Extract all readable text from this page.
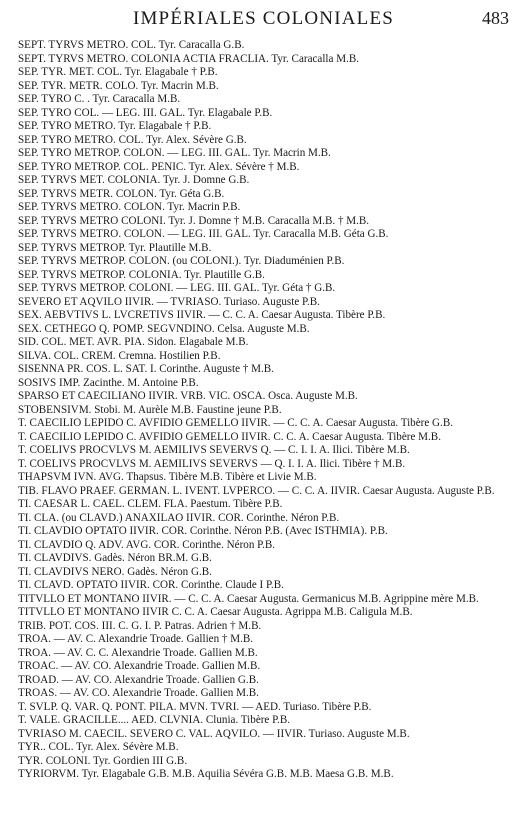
IMPÉRIALES COLONIALES	483
SEPT. TYRVS METRO. COL. Tyr. Caracalla G.B.
SEPT. TYRVS METRO. COLONIA ACTIA FRACLIA. Tyr. Caracalla M.B.
SEP. TYR. MET. COL. Tyr. Elagabale † P.B.
SEP. TYR. METR. COLO. Tyr. Macrin M.B.
SEP. TYRO C. . Tyr. Caracalla M.B.
SEP. TYRO COL. — LEG. III. GAL. Tyr. Elagabale P.B.
SEP. TYRO METRO. Tyr. Elagabale † P.B.
SEP. TYRO METRO. COL. Tyr. Alex. Sévère G.B.
SEP. TYRO METROP. COLON. — LEG. III. GAL. Tyr. Macrin M.B.
SEP. TYRO METROP. COL. PENIC. Tyr. Alex. Sévère † M.B.
SEP. TYRVS MET. COLONIA. Tyr. J. Domne G.B.
SEP. TYRVS METR. COLON. Tyr. Géta G.B.
SEP. TYRVS METRO. COLON. Tyr. Macrin P.B.
SEP. TYRVS METRO COLONI. Tyr. J. Domne † M.B. Caracalla M.B. † M.B.
SEP. TYRVS METRO. COLON. — LEG. III. GAL. Tyr. Caracalla M.B. Géta G.B.
SEP. TYRVS METROP. Tyr. Plautille M.B.
SEP. TYRVS METROP. COLON. (ou COLONI.). Tyr. Diaduménien P.B.
SEP. TYRVS METROP. COLONIA. Tyr. Plautille G.B.
SEP. TYRVS METROP. COLONI. — LEG. III. GAL. Tyr. Géta † G.B.
SEVERO ET AQVILO IIVIR. — TVRIASO. Turiaso. Auguste P.B.
SEX. AEBVTIVS L. LVCRETIVS IIVIR. — C. C. A. Caesar Augusta. Tibère P.B.
SEX. CETHEGO Q. POMP. SEGVNDINO. Celsa. Auguste M.B.
SID. COL. MET. AVR. PIA. Sidon. Elagabale M.B.
SILVA. COL. CREM. Cremna. Hostilien P.B.
SISENNA PR. COS. L. SAT. I. Corinthe. Auguste † M.B.
SOSIVS IMP. Zacinthe. M. Antoine P.B.
SPARSO ET CAECILIANO IIVIR. VRB. VIC. OSCA. Osca. Auguste M.B.
STOBENSIVM. Stobi. M. Aurèle M.B. Faustine jeune P.B.
T. CAECILIO LEPIDO C. AVFIDIO GEMELLO IIVIR. — C. C. A. Caesar Augusta. Tibère G.B.
T. CAECILIO LEPIDO C. AVFIDIO GEMELLO IIVIR. C. C. A. Caesar Augusta. Tibère M.B.
T. COELIVS PROCVLVS M. AEMILIVS SEVERVS Q. — C. I. I. A. Ilici. Tibère M.B.
T. COELIVS PROCVLVS M. AEMILIVS SEVERVS — Q. I. I. A. Ilici. Tibère † M.B.
THAPSVM IVN. AVG. Thapsus. Tibère M.B. Tibère et Livie M.B.
TIB. FLAVO PRAEF. GERMAN. L. IVENT. LVPERCO. — C. C. A. IIVIR. Caesar Augusta. Auguste P.B.
TI. CAESAR L. CAEL. CLEM. FLA. Paestum. Tibère P.B.
TI. CLA. (ou CLAVD.) ANAXILAO IIVIR. COR. Corinthe. Néron P.B.
TI. CLAVDIO OPTATO IIVIR. COR. Corinthe. Néron P.B. (Avec ISTHMIA). P.B.
TI. CLAVDIO Q. ADV. AVG. COR. Corinthe. Néron P.B.
TI. CLAVDIVS. Gadès. Néron BR.M. G.B.
TI. CLAVDIVS NERO. Gadès. Néron G.B.
TI. CLAVD. OPTATO IIVIR. COR. Corinthe. Claude I P.B.
TITVLLO ET MONTANO IIVIR. — C. C. A. Caesar Augusta. Germanicus M.B. Agrippine mère M.B.
TITVLLO ET MONTANO IIVIR C. C. A. Caesar Augusta. Agrippa M.B. Caligula M.B.
TRIB. POT. COS. III. C. G. I. P. Patras. Adrien † M.B.
TROA. — AV. C. Alexandrie Troade. Gallien † M.B.
TROA. — AV. C. C. Alexandrie Troade. Gallien M.B.
TROAC. — AV. CO. Alexandrie Troade. Gallien M.B.
TROAD. — AV. CO. Alexandrie Troade. Gallien G.B.
TROAS. — AV. CO. Alexandrie Troade. Gallien M.B.
T. SVLP. Q. VAR. Q. PONT. PILA. MVN. TVRI. — AED. Turiaso. Tibère P.B.
T. VALE. GRACILLE.... AED. CLVNIA. Clunia. Tibère P.B.
TVRIASO M. CAECIL. SEVERO C. VAL. AQVILO. — IIVIR. Turiaso. Auguste M.B.
TYR.. COL. Tyr. Alex. Sévère M.B.
TYR. COLONI. Tyr. Gordien III G.B.
TYRIORVM. Tyr. Elagabale G.B. M.B. Aquilia Sévéra G.B. M.B. Maesa G.B. M.B.
